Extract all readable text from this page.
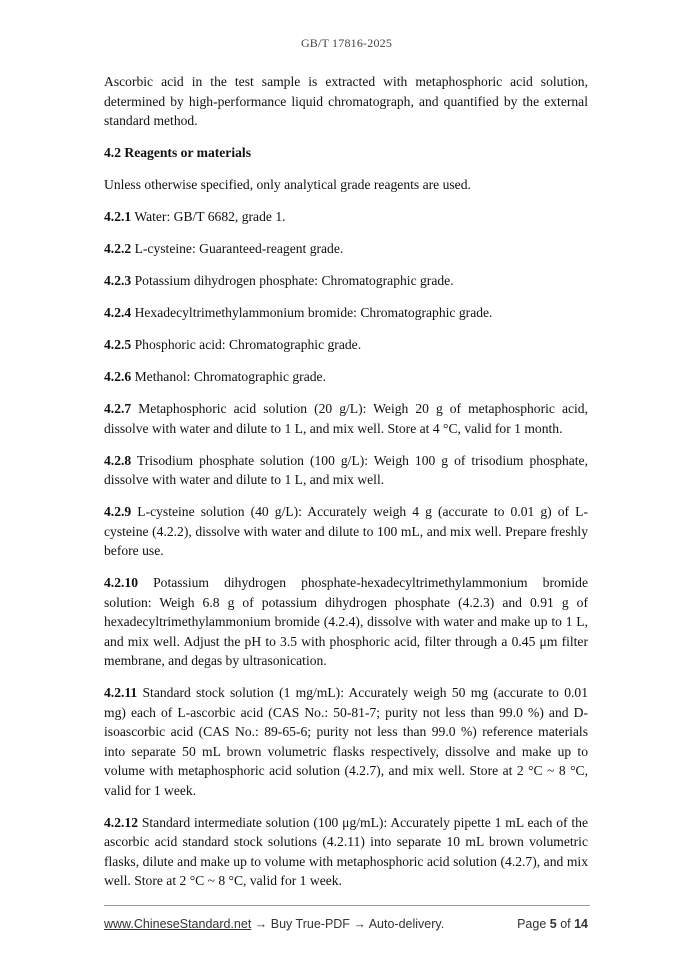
GB/T 17816-2025

Ascorbic acid in the test sample is extracted with metaphosphoric acid solution, determined by high-performance liquid chromatograph, and quantified by the external standard method.

4.2 Reagents or materials

Unless otherwise specified, only analytical grade reagents are used.

4.2.1 Water: GB/T 6682, grade 1.

4.2.2 L-cysteine: Guaranteed-reagent grade.

4.2.3 Potassium dihydrogen phosphate: Chromatographic grade.

4.2.4 Hexadecyltrimethylammonium bromide: Chromatographic grade.

4.2.5 Phosphoric acid: Chromatographic grade.

4.2.6 Methanol: Chromatographic grade.

4.2.7 Metaphosphoric acid solution (20 g/L): Weigh 20 g of metaphosphoric acid, dissolve with water and dilute to 1 L, and mix well. Store at 4 °C, valid for 1 month.

4.2.8 Trisodium phosphate solution (100 g/L): Weigh 100 g of trisodium phosphate, dissolve with water and dilute to 1 L, and mix well.

4.2.9 L-cysteine solution (40 g/L): Accurately weigh 4 g (accurate to 0.01 g) of L-cysteine (4.2.2), dissolve with water and dilute to 100 mL, and mix well. Prepare freshly before use.

4.2.10 Potassium dihydrogen phosphate-hexadecyltrimethylammonium bromide solution: Weigh 6.8 g of potassium dihydrogen phosphate (4.2.3) and 0.91 g of hexadecyltrimethylammonium bromide (4.2.4), dissolve with water and make up to 1 L, and mix well. Adjust the pH to 3.5 with phosphoric acid, filter through a 0.45 μm filter membrane, and degas by ultrasonication.

4.2.11 Standard stock solution (1 mg/mL): Accurately weigh 50 mg (accurate to 0.01 mg) each of L-ascorbic acid (CAS No.: 50-81-7; purity not less than 99.0 %) and D-isoascorbic acid (CAS No.: 89-65-6; purity not less than 99.0 %) reference materials into separate 50 mL brown volumetric flasks respectively, dissolve and make up to volume with metaphosphoric acid solution (4.2.7), and mix well. Store at 2 °C ~ 8 °C, valid for 1 week.

4.2.12 Standard intermediate solution (100 μg/mL): Accurately pipette 1 mL each of the ascorbic acid standard stock solutions (4.2.11) into separate 10 mL brown volumetric flasks, dilute and make up to volume with metaphosphoric acid solution (4.2.7), and mix well. Store at 2 °C ~ 8 °C, valid for 1 week.

www.ChineseStandard.net → Buy True-PDF → Auto-delivery.	Page 5 of 14
